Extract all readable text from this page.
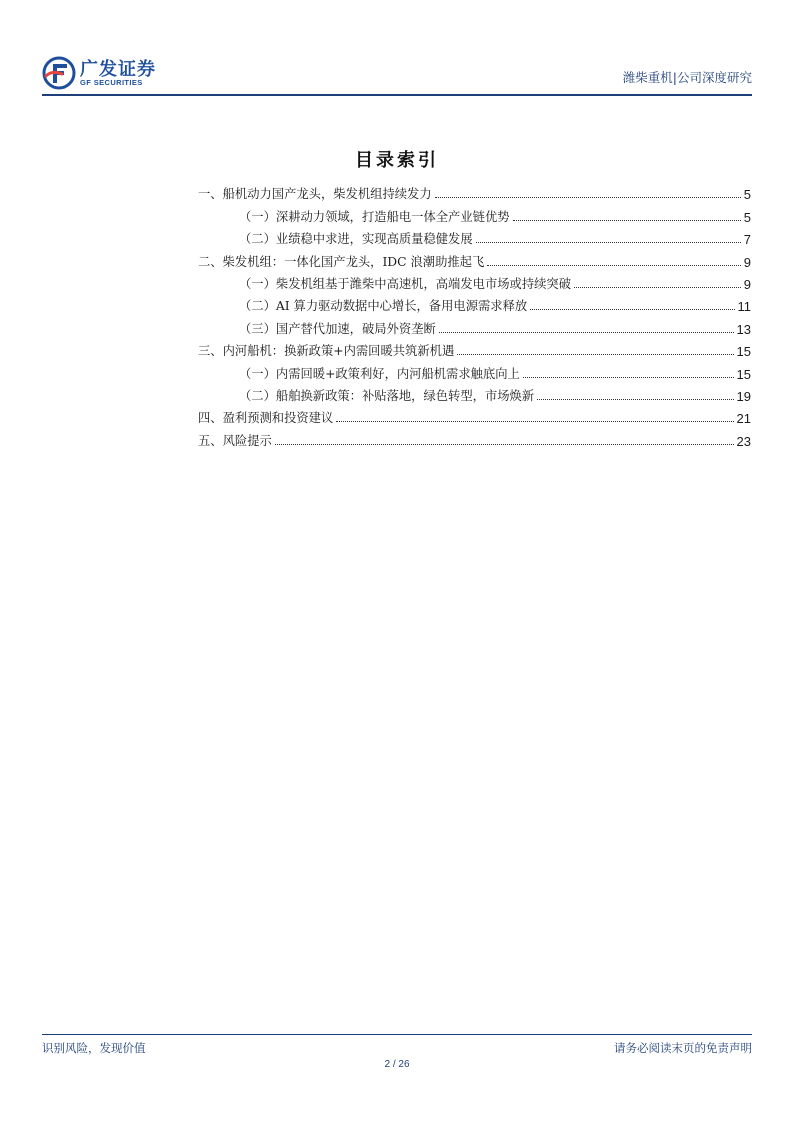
广发证券
GF SECURITIES	潍柴重机|公司深度研究
目录索引
一、船机动力国产龙头，柴发机组持续发力	5
（一）深耕动力领域，打造船电一体全产业链优势	5
（二）业绩稳中求进，实现高质量稳健发展	7
二、柴发机组：一体化国产龙头，IDC 浪潮助推起飞	9
（一）柴发机组基于潍柴中高速机，高端发电市场或持续突破	9
（二）AI 算力驱动数据中心增长，备用电源需求释放	11
（三）国产替代加速，破局外资垄断	13
三、内河船机：换新政策+内需回暖共筑新机遇	15
（一）内需回暖+政策利好，内河船机需求触底向上	15
（二）船舶换新政策：补贴落地，绿色转型，市场焕新	19
四、盈利预测和投资建议	21
五、风险提示	23
识别风险，发现价值	请务必阅读末页的免责声明
2 / 26
